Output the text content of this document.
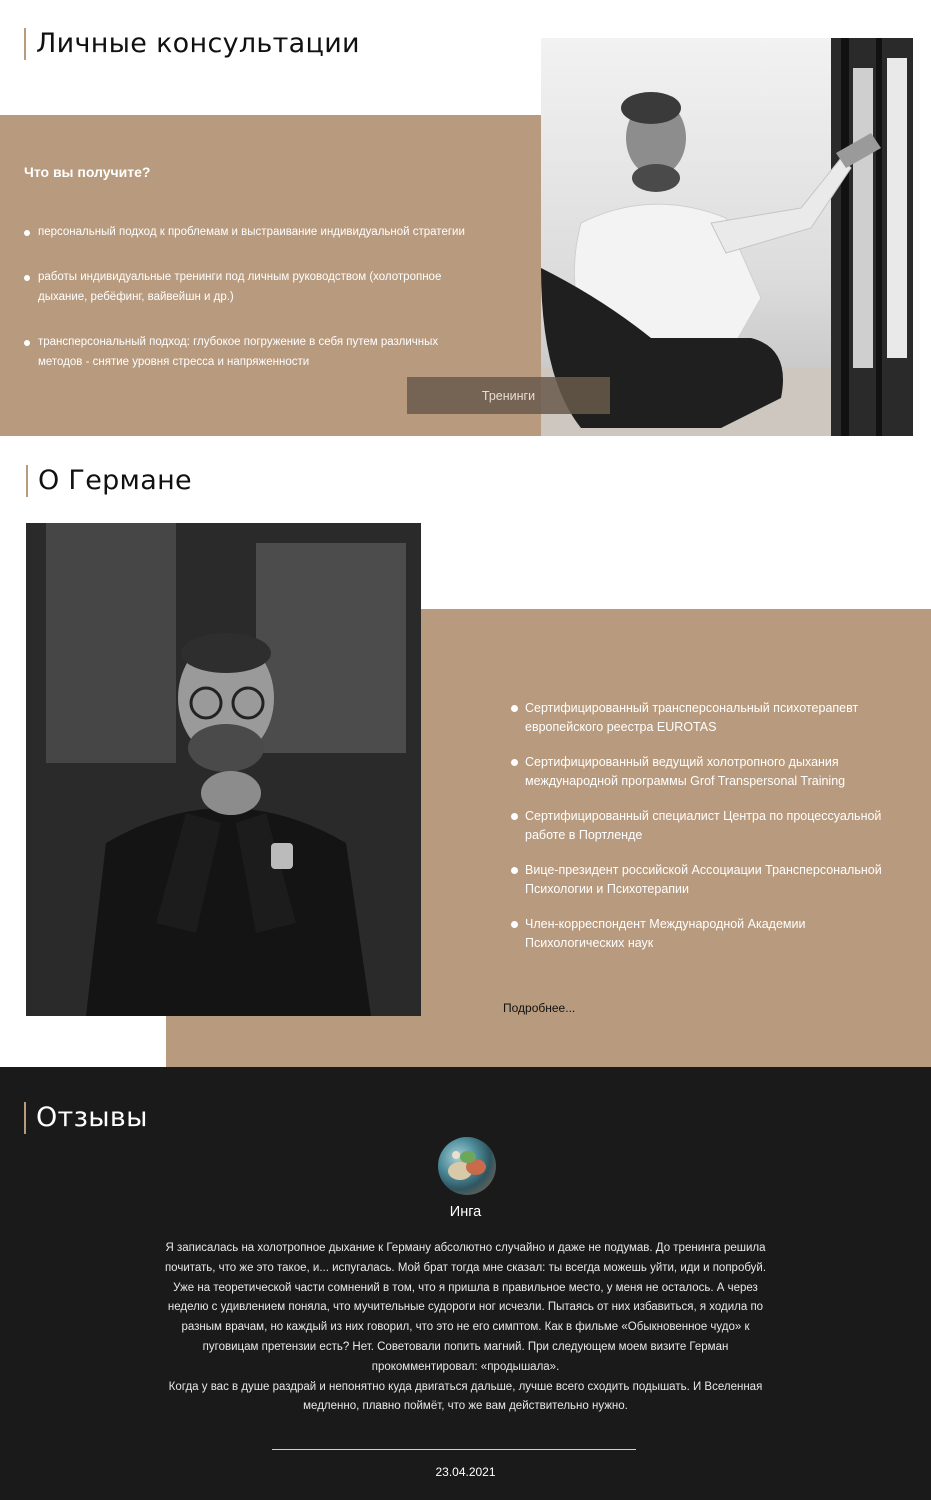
Личные консультации
Что вы получите?
персональный подход к проблемам и выстраивание индивидуальной стратегии
работы индивидуальные тренинги под личным руководством (холотропное дыхание, ребёфинг, вайвейшн и др.)
трансперсональный подход: глубокое погружение в себя путем различных методов - снятие уровня стресса и напряженности
Тренинги
О Германе
Сертифицированный трансперсональный психотерапевт европейского реестра EUROTAS
Сертифицированный ведущий холотропного дыхания международной программы Grof Transpersonal Training
Сертифицированный специалист Центра по процессуальной работе в Портленде
Вице-президент российской Ассоциации Трансперсональной Психологии и Психотерапии
Член-корреспондент Международной Академии Психологических наук
Подробнее...
Отзывы
Инга

Я записалась на холотропное дыхание к Герману абсолютно случайно и даже не подумав. До тренинга решила почитать, что же это такое, и... испугалась. Мой брат тогда мне сказал: ты всегда можешь уйти, иди и попробуй.

Уже на теоретической части сомнений в том, что я пришла в правильное место, у меня не осталось. А через неделю с удивлением поняла, что мучительные судороги ног исчезли. Пытаясь от них избавиться, я ходила по разным врачам, но каждый из них говорил, что это не его симптом. Как в фильме «Обыкновенное чудо» к пуговицам претензии есть? Нет. Советовали попить магний. При следующем моем визите Герман прокомментировал: «продышала».

Когда у вас в душе раздрай и непонятно куда двигаться дальше, лучше всего сходить подышать. И Вселенная медленно, плавно поймёт, что же вам действительно нужно.

23.04.2021
